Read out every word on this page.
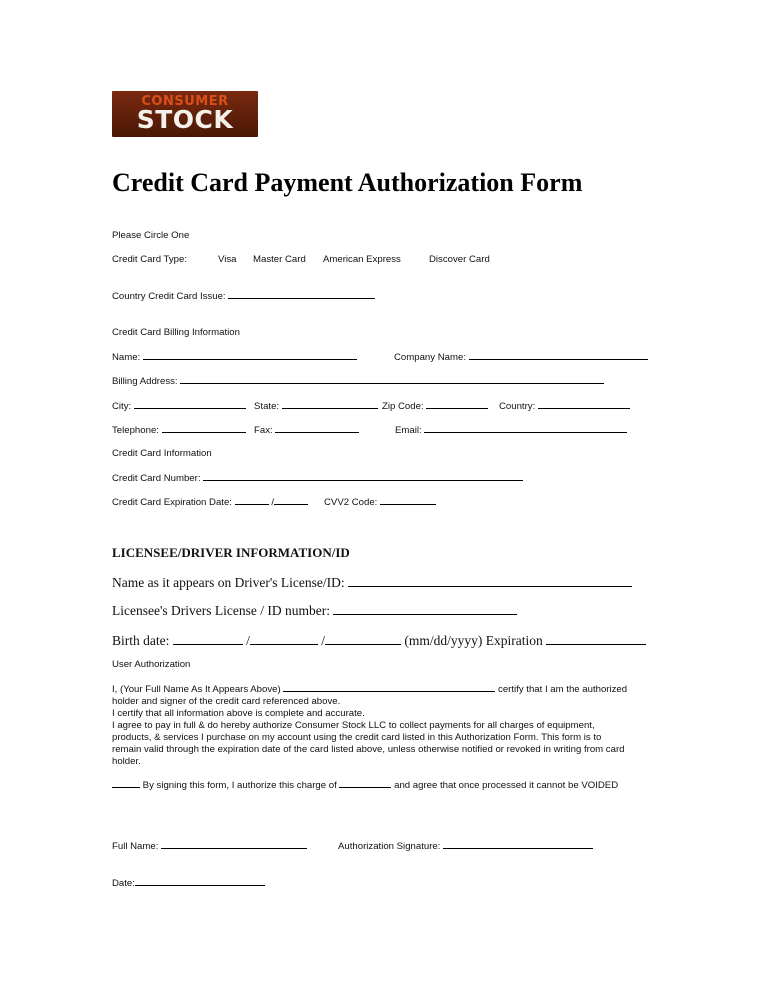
CONSUMER
STOCK
Credit Card Payment Authorization Form
Please Circle One
Credit Card Type:	Visa Master Card American Express	Discover Card
Country Credit Card Issue:
Credit Card Billing Information
Name:	Company Name:
Billing Address:
City:	State:	Zip Code:	Country:
Telephone:	Fax:	Email:
Credit Card Information
Credit Card Number:
Credit Card Expiration Date:	/	CVV2 Code:
LICENSEE/DRIVER INFORMATION/ID
Name as it appears on Driver's License/ID:
Licensee's Drivers License / ID number:
Birth date:	/	/	(mm/dd/yyyy) Expiration
User Authorization

I, (Your Full Name As It Appears Above)	certify that I am the authorized

holder and signer of the credit card referenced above.

I certify that all information above is complete and accurate.

I agree to pay in full & do hereby authorize Consumer Stock LLC to collect payments for all charges of equipment,

products, & services I purchase on my account using the credit card listed in this Authorization Form. This form is to

remain valid through the expiration date of the card listed above, unless otherwise notified or revoked in writing from card

holder.

By signing this form, I authorize this charge of	and agree that once processed it cannot be VOIDED
Full Name:	Authorization Signature:
Date:
